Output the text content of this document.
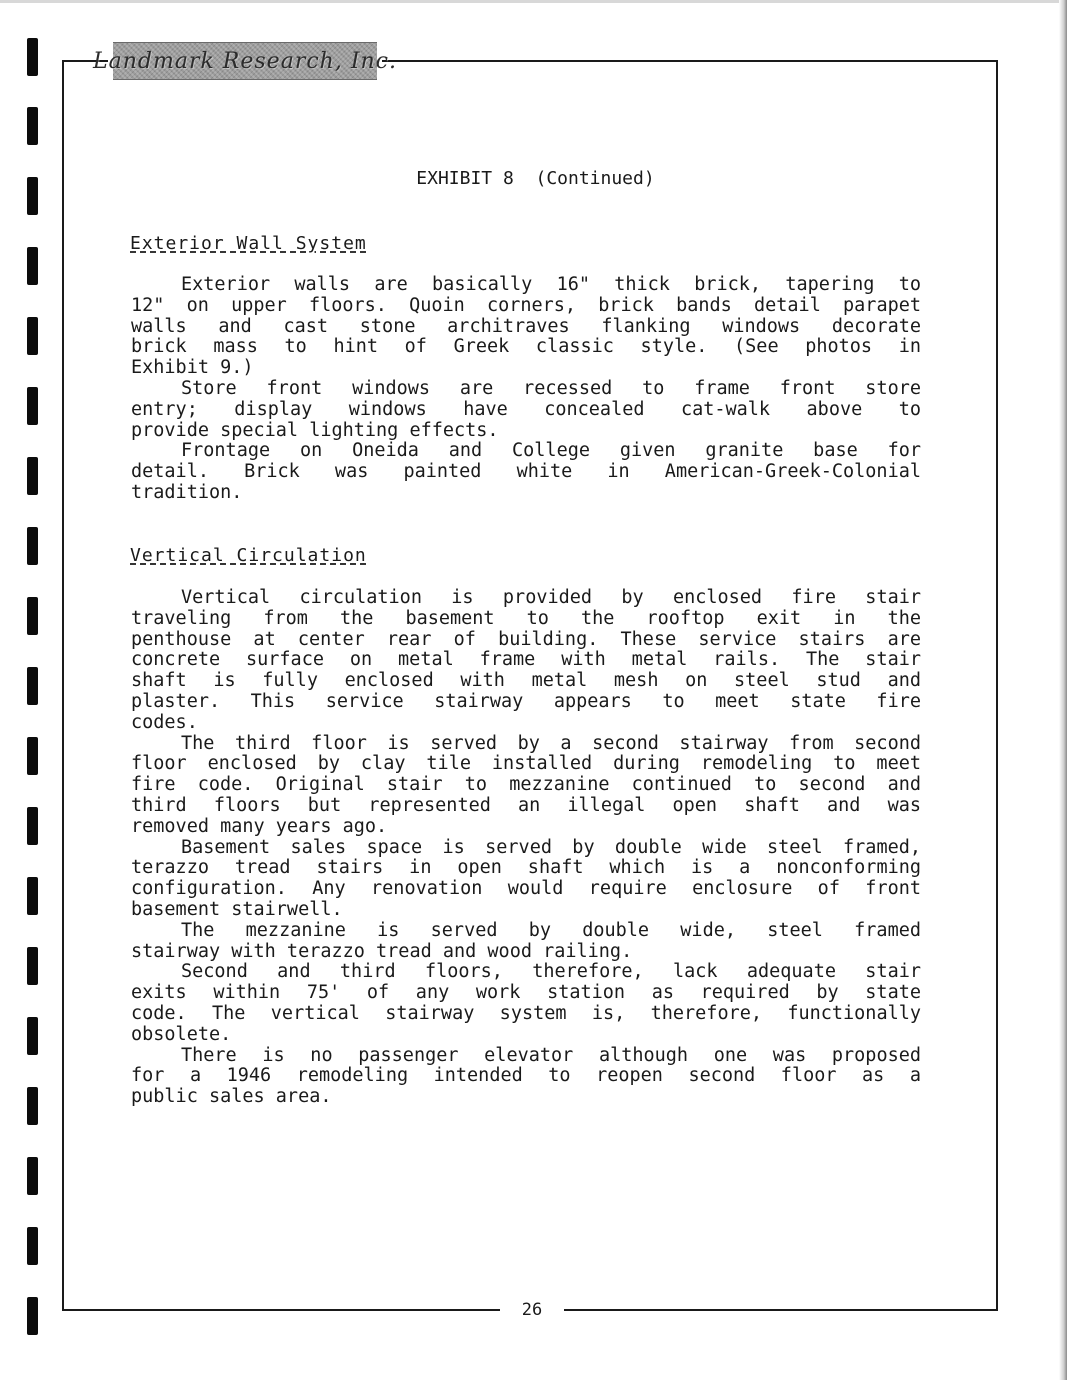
Landmark Research, Inc.
EXHIBIT 8  (Continued)
Exterior Wall System
Exterior walls are basically 16" thick brick, tapering to
12" on upper floors. Quoin corners, brick bands detail parapet
walls and cast stone architraves flanking windows decorate
brick mass to hint of Greek classic style. (See photos in
Exhibit 9.)
Store front windows are recessed to frame front store
entry; display windows have concealed cat-walk above to
provide special lighting effects.
Frontage on Oneida and College given granite base for
detail. Brick was painted white in American-Greek-Colonial
tradition.
Vertical Circulation
Vertical circulation is provided by enclosed fire stair
traveling from the basement to the rooftop exit in the
penthouse at center rear of building. These service stairs are
concrete surface on metal frame with metal rails. The stair
shaft is fully enclosed with metal mesh on steel stud and
plaster. This service stairway appears to meet state fire
codes.
The third floor is served by a second stairway from second
floor enclosed by clay tile installed during remodeling to meet
fire code. Original stair to mezzanine continued to second and
third floors but represented an illegal open shaft and was
removed many years ago.
Basement sales space is served by double wide steel framed,
terazzo tread stairs in open shaft which is a nonconforming
configuration. Any renovation would require enclosure of front
basement stairwell.
The mezzanine is served by double wide, steel framed
stairway with terazzo tread and wood railing.
Second and third floors, therefore, lack adequate stair
exits within 75' of any work station as required by state
code. The vertical stairway system is, therefore, functionally
obsolete.
There is no passenger elevator although one was proposed
for a 1946 remodeling intended to reopen second floor as a
public sales area.
26
